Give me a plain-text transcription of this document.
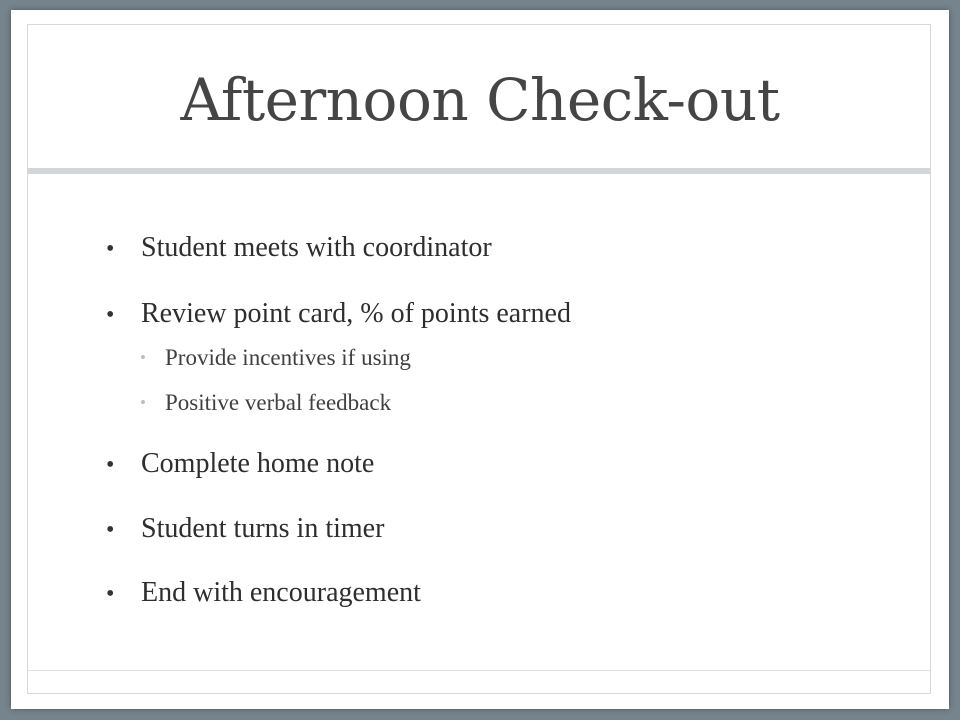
Afternoon Check-out
• Student meets with coordinator
• Review point card, % of points earned
• Provide incentives if using
• Positive verbal feedback
• Complete home note
• Student turns in timer
• End with encouragement
